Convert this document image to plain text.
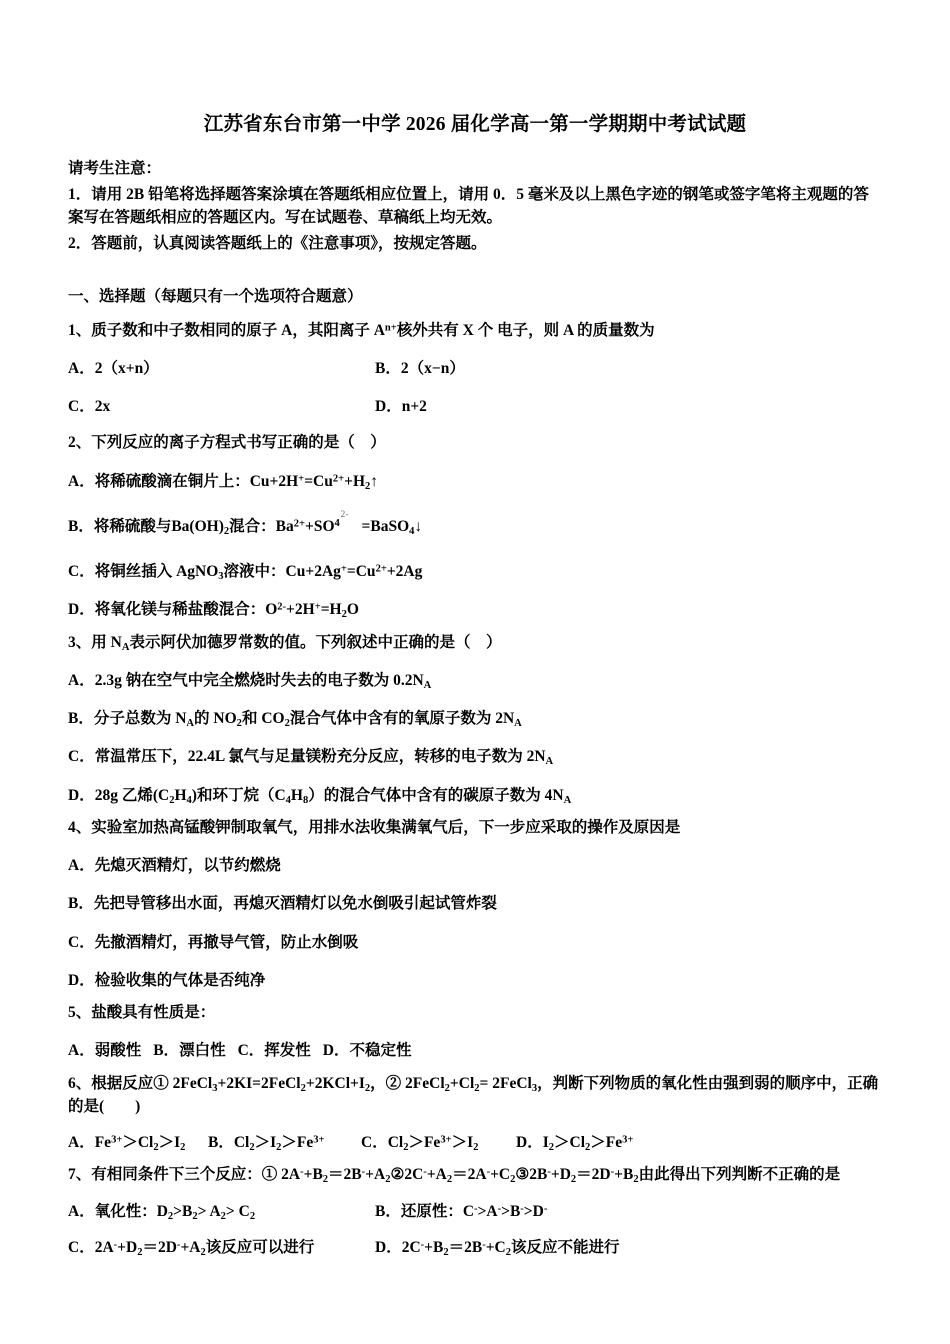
江苏省东台市第一中学 2026 届化学高一第一学期期中考试试题
请考生注意：
1．请用 2B 铅笔将选择题答案涂填在答题纸相应位置上，请用 0．5 毫米及以上黑色字迹的钢笔或签字笔将主观题的答案写在答题纸相应的答题区内。写在试题卷、草稿纸上均无效。
2．答题前，认真阅读答题纸上的《注意事项》，按规定答题。
一、选择题（每题只有一个选项符合题意）
1、质子数和中子数相同的原子 A，其阳离子 $A^{n+}$核外共有 X 个 电子，则 A 的质量数为
A．2（x+n）	B．2（x−n）
C．2x	D．n+2
2、下列反应的离子方程式书写正确的是（　）
A．将稀硫酸滴在铜片上：$Cu+2H^+=Cu^{2+}+H_2↑$
B．将稀硫酸与$Ba(OH)_2$混合：$Ba^{2+}+SO$
2-
4 =BaSO$_4$↓
C．将铜丝插入 AgNO$_3$溶液中：$Cu+2Ag^+=Cu^{2+}+2Ag$
D．将氧化镁与稀盐酸混合：$O^{2-}+2H^+=H_2O$
3、用 $N_A$表示阿伏加德罗常数的值。下列叙述中正确的是（　）
A．2.3g 钠在空气中完全燃烧时失去的电子数为 $0.2N_A$
B．分子总数为 $N_A$的 $NO_2$和 $CO_2$混合气体中含有的氧原子数为 $2N_A$
C．常温常压下，22.4L 氯气与足量镁粉充分反应，转移的电子数为 $2N_A$
D．28g 乙烯$(C_2H_4)$和环丁烷$(C_4H_8)$的混合气体中含有的碳原子数为 $4N_A$
4、实验室加热高锰酸钾制取氧气，用排水法收集满氧气后，下一步应采取的操作及原因是
A．先熄灭酒精灯，以节约燃烧
B．先把导管移出水面，再熄灭酒精灯以免水倒吸引起试管炸裂
C．先撤酒精灯，再撤导气管，防止水倒吸
D．检验收集的气体是否纯净
5、盐酸具有性质是：
A．弱酸性 B．漂白性 C．挥发性 D．不稳定性
6、根据反应① $2FeCl_3+2KI=2FeCl_2+2KCl+I_2$，② $2FeCl_2+Cl_2=$ 2FeCl$_3$，判断下列物质的氧化性由强到弱的顺序中，正确的是(　　)
A．$Fe^{3+}>Cl_2>I_2$	B．$Cl_2>I_2>Fe^{3+}$	C．$Cl_2>Fe^{3+}>I_2$	D．$I_2>Cl_2>Fe^{3+}$
7、有相同条件下三个反应：① $2A^-+B_2=2B^-+A_2②2C^-+A_2=2A^-+C_2③2B^-+D_2=2D^-+B_2$由此得出下列判断不正确的是
A．氧化性：$D_2>B_2> A_2> C_2$	B．还原性：C->A->B->D-
C．$2A^-+D_2=2D^-+A_2$该反应可以进行	D．$2C^-+B_2=2B^-+C_2$该反应不能进行
